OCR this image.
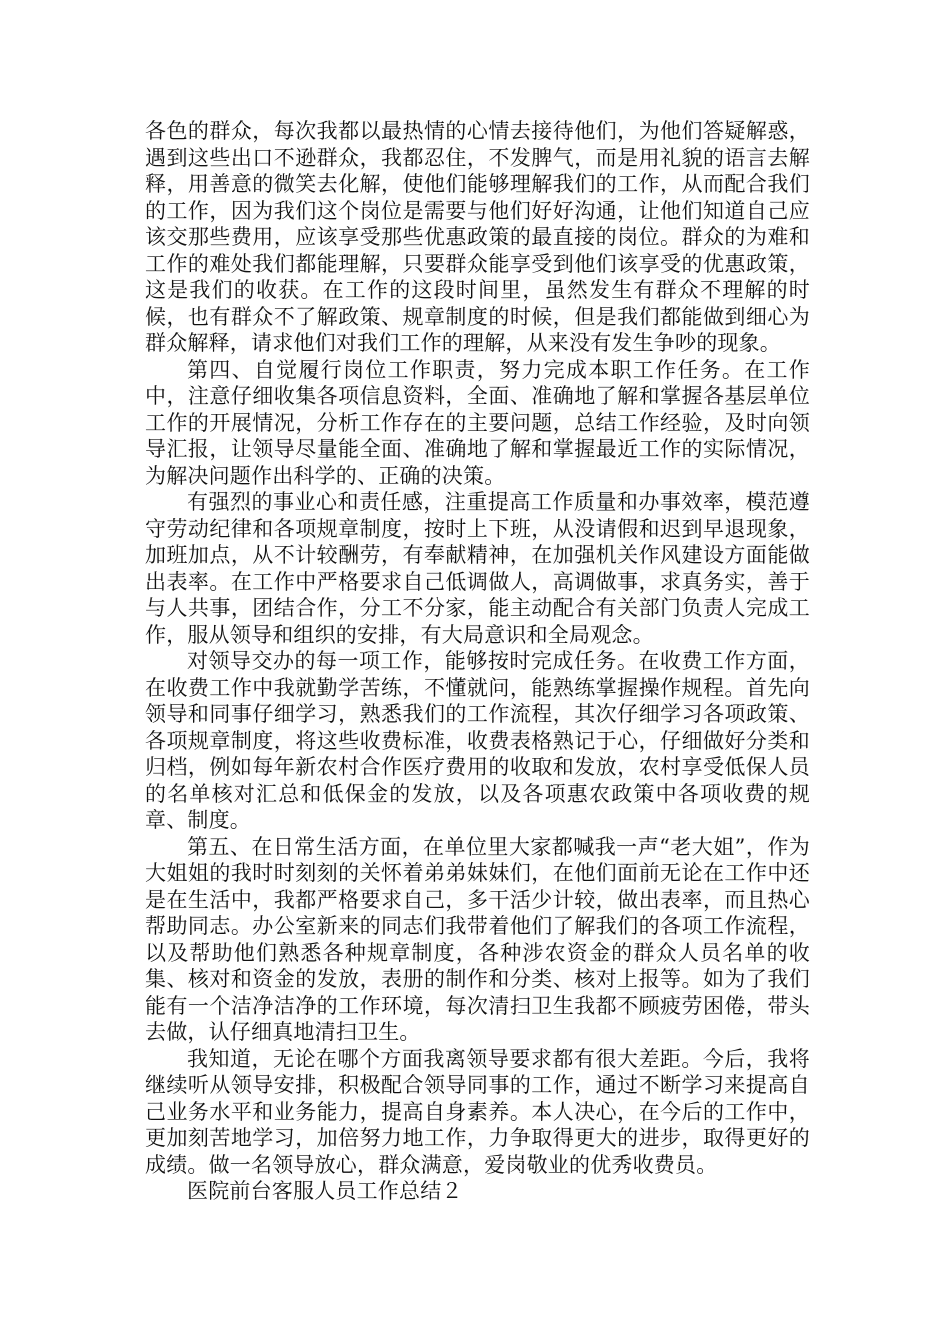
各色的群众，每次我都以最热情的心情去接待他们，为他们答疑解惑，遇到这些出口不逊群众，我都忍住，不发脾气，而是用礼貌的语言去解释，用善意的微笑去化解，使他们能够理解我们的工作，从而配合我们的工作，因为我们这个岗位是需要与他们好好沟通，让他们知道自己应该交那些费用，应该享受那些优惠政策的最直接的岗位。群众的为难和工作的难处我们都能理解，只要群众能享受到他们该享受的优惠政策，这是我们的收获。在工作的这段时间里，虽然发生有群众不理解的时候，也有群众不了解政策、规章制度的时候，但是我们都能做到细心为群众解释，请求他们对我们工作的理解，从来没有发生争吵的现象。

第四、自觉履行岗位工作职责，努力完成本职工作任务。在工作中，注意仔细收集各项信息资料，全面、准确地了解和掌握各基层单位工作的开展情况，分析工作存在的主要问题，总结工作经验，及时向领导汇报，让领导尽量能全面、准确地了解和掌握最近工作的实际情况，为解决问题作出科学的、正确的决策。

有强烈的事业心和责任感，注重提高工作质量和办事效率，模范遵守劳动纪律和各项规章制度，按时上下班，从没请假和迟到早退现象，加班加点，从不计较酬劳，有奉献精神，在加强机关作风建设方面能做出表率。在工作中严格要求自己低调做人，高调做事，求真务实，善于与人共事，团结合作，分工不分家，能主动配合有关部门负责人完成工作，服从领导和组织的安排，有大局意识和全局观念。

对领导交办的每一项工作，能够按时完成任务。在收费工作方面，在收费工作中我就勤学苦练，不懂就问，能熟练掌握操作规程。首先向领导和同事仔细学习，熟悉我们的工作流程，其次仔细学习各项政策、各项规章制度，将这些收费标准，收费表格熟记于心，仔细做好分类和归档，例如每年新农村合作医疗费用的收取和发放，农村享受低保人员的名单核对汇总和低保金的发放，以及各项惠农政策中各项收费的规章、制度。

第五、在日常生活方面，在单位里大家都喊我一声“老大姐”，作为大姐姐的我时时刻刻的关怀着弟弟妹妹们，在他们面前无论在工作中还是在生活中，我都严格要求自己，多干活少计较，做出表率，而且热心帮助同志。办公室新来的同志们我带着他们了解我们的各项工作流程，以及帮助他们熟悉各种规章制度，各种涉农资金的群众人员名单的收集、核对和资金的发放，表册的制作和分类、核对上报等。如为了我们能有一个洁净洁净的工作环境，每次清扫卫生我都不顾疲劳困倦，带头去做，认仔细真地清扫卫生。

我知道，无论在哪个方面我离领导要求都有很大差距。今后，我将继续听从领导安排，积极配合领导同事的工作，通过不断学习来提高自己业务水平和业务能力，提高自身素养。本人决心，在今后的工作中，更加刻苦地学习，加倍努力地工作，力争取得更大的进步，取得更好的成绩。做一名领导放心，群众满意，爱岗敬业的优秀收费员。

医院前台客服人员工作总结２
